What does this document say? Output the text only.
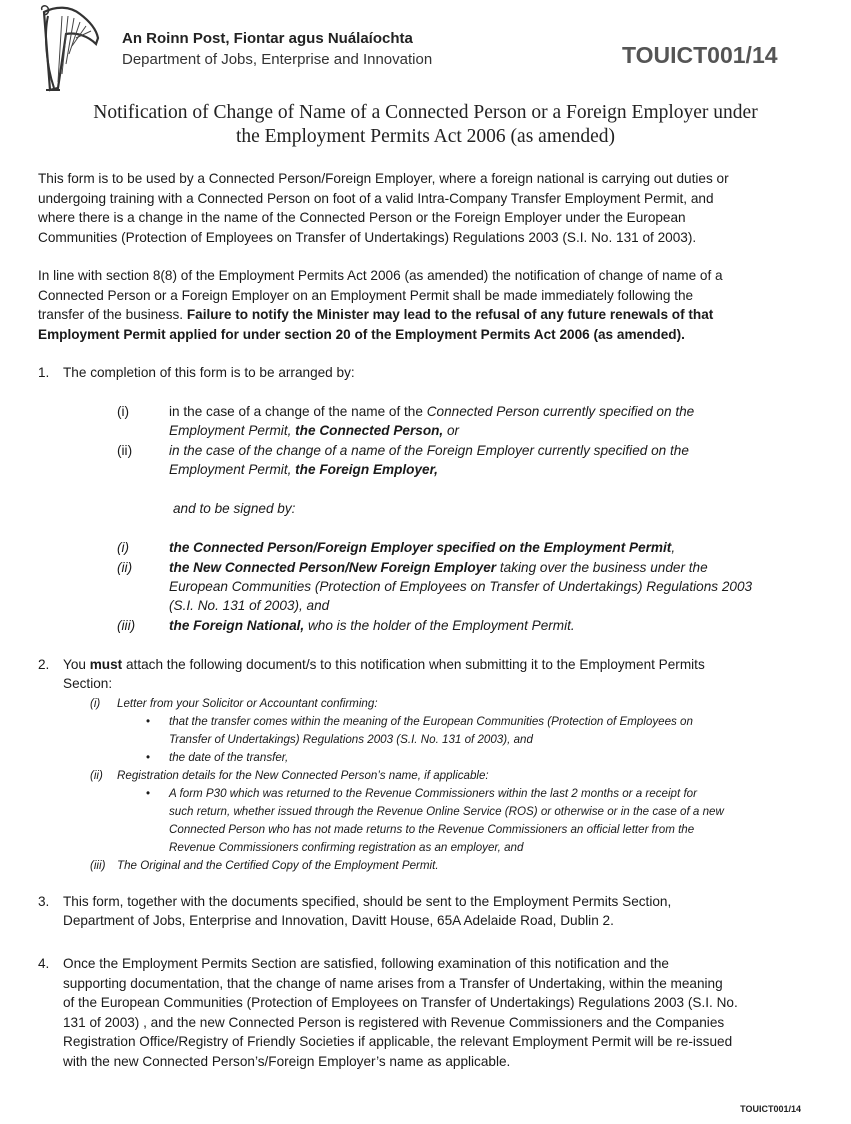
An Roinn Post, Fiontar agus Nuálaíochta
Department of Jobs, Enterprise and Innovation	TOUICT001/14
Notification of Change of Name of a Connected Person or a Foreign Employer under
the Employment Permits Act 2006 (as amended)
This form is to be used by a Connected Person/Foreign Employer, where a foreign national is carrying out duties or
undergoing training with a Connected Person on foot of a valid Intra-Company Transfer Employment Permit, and
where there is a change in the name of the Connected Person or the Foreign Employer under the European
Communities (Protection of Employees on Transfer of Undertakings) Regulations 2003 (S.I. No. 131 of 2003).
In line with section 8(8) of the Employment Permits Act 2006 (as amended) the notification of change of name of a
Connected Person or a Foreign Employer on an Employment Permit shall be made immediately following the
transfer of the business. Failure to notify the Minister may lead to the refusal of any future renewals of that
Employment Permit applied for under section 20 of the Employment Permits Act 2006 (as amended).
1. The completion of this form is to be arranged by:
(i)	in the case of a change of the name of the Connected Person currently specified on the
Employment Permit, the Connected Person, or
(ii)	in the case of the change of a name of the Foreign Employer currently specified on the
Employment Permit, the Foreign Employer,
and to be signed by:
(i)	the Connected Person/Foreign Employer specified on the Employment Permit,
(ii)	the New Connected Person/New Foreign Employer taking over the business under the
European Communities (Protection of Employees on Transfer of Undertakings) Regulations 2003
(S.I. No. 131 of 2003), and
(iii) the Foreign National, who is the holder of the Employment Permit.
2. You must attach the following document/s to this notification when submitting it to the Employment Permits
Section:
(i) Letter from your Solicitor or Accountant confirming:
• that the transfer comes within the meaning of the European Communities (Protection of Employees on
Transfer of Undertakings) Regulations 2003 (S.I. No. 131 of 2003), and
• the date of the transfer,
(ii) Registration details for the New Connected Person’s name, if applicable:
• A form P30 which was returned to the Revenue Commissioners within the last 2 months or a receipt for
such return, whether issued through the Revenue Online Service (ROS) or otherwise or in the case of a new
Connected Person who has not made returns to the Revenue Commissioners an official letter from the
Revenue Commissioners confirming registration as an employer, and
(iii) The Original and the Certified Copy of the Employment Permit.
3. This form, together with the documents specified, should be sent to the Employment Permits Section,
Department of Jobs, Enterprise and Innovation, Davitt House, 65A Adelaide Road, Dublin 2.
4. Once the Employment Permits Section are satisfied, following examination of this notification and the
supporting documentation, that the change of name arises from a Transfer of Undertaking, within the meaning
of the European Communities (Protection of Employees on Transfer of Undertakings) Regulations 2003 (S.I. No.
131 of 2003) , and the new Connected Person is registered with Revenue Commissioners and the Companies
Registration Office/Registry of Friendly Societies if applicable, the relevant Employment Permit will be re-issued
with the new Connected Person’s/Foreign Employer’s name as applicable.
TOUICT001/14
